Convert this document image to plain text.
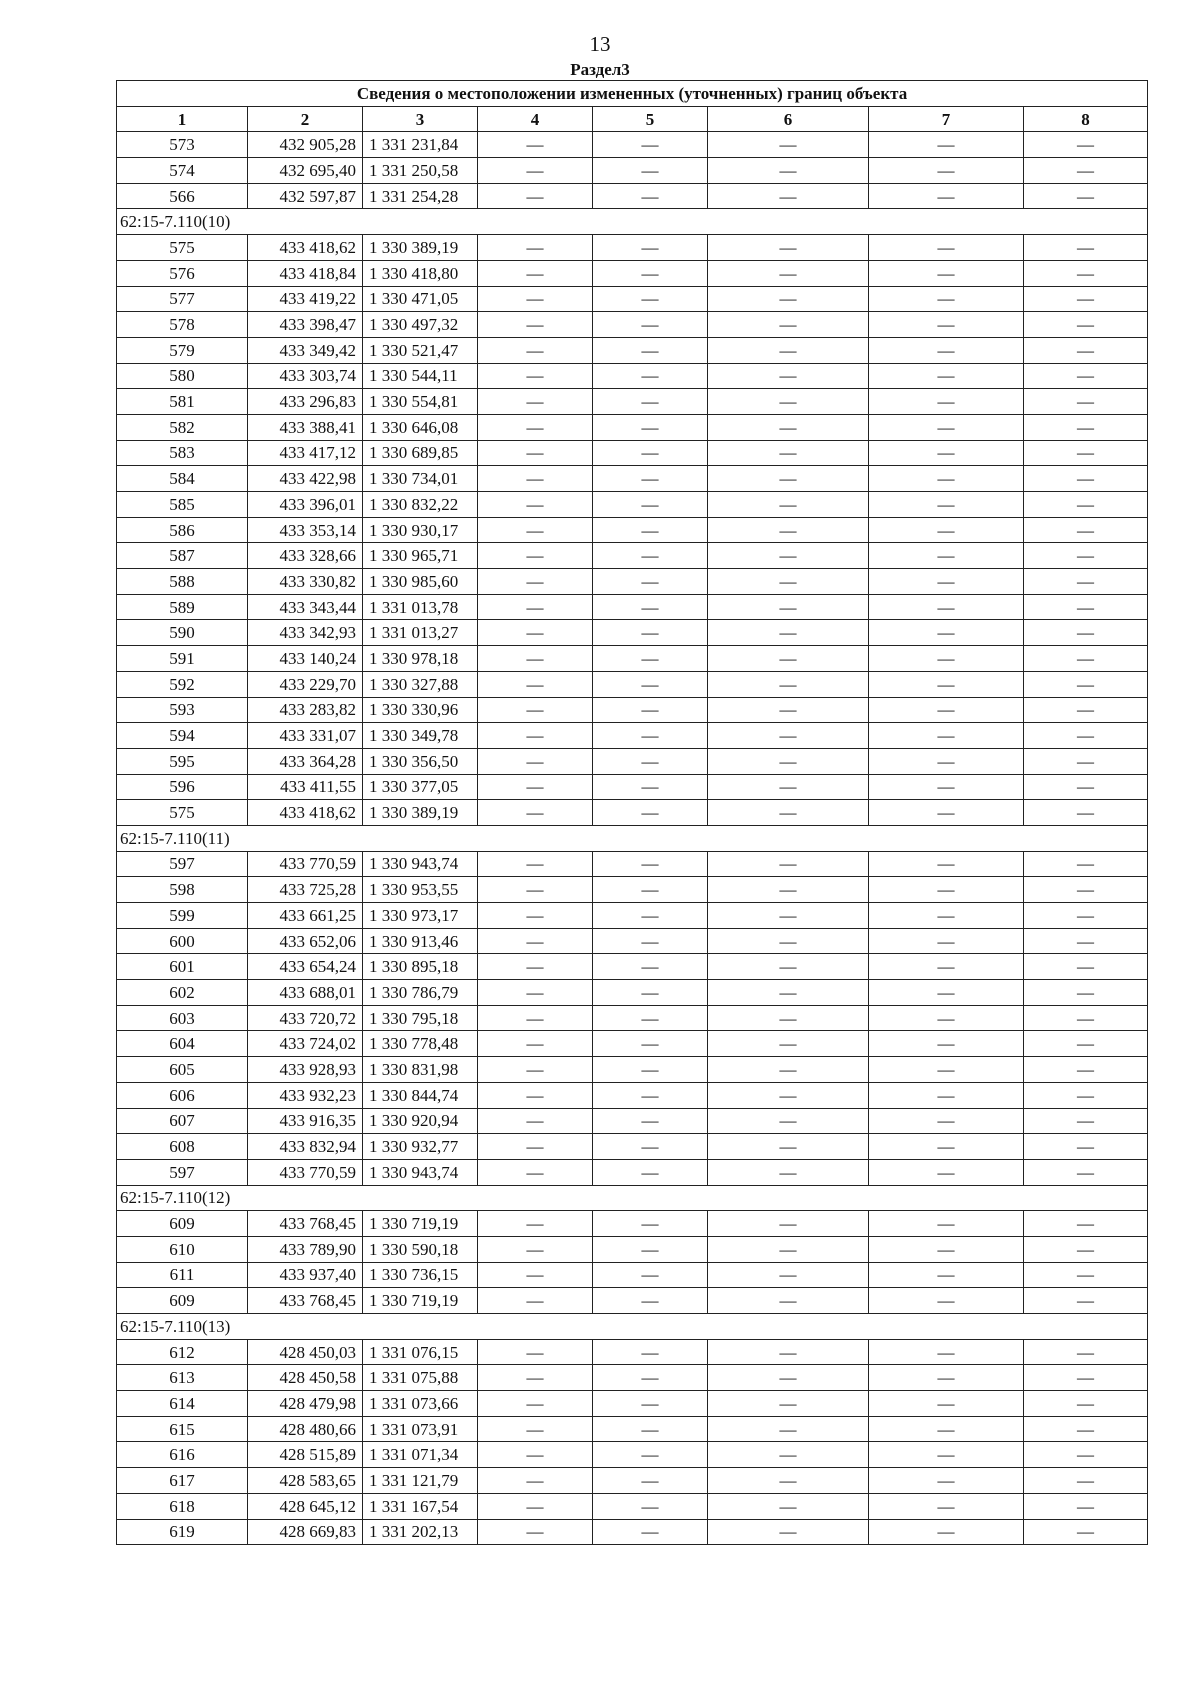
13
Раздел3
Сведения о местоположении измененных (уточненных) границ объекта							
1	2	3	4	5	6	7	8
573	432 905,28	1 331 231,84	—	—	—	—	—
574	432 695,40	1 331 250,58	—	—	—	—	—
566	432 597,87	1 331 254,28	—	—	—	—	—
62:15-7.110(10)							
575	433 418,62	1 330 389,19	—	—	—	—	—
576	433 418,84	1 330 418,80	—	—	—	—	—
577	433 419,22	1 330 471,05	—	—	—	—	—
578	433 398,47	1 330 497,32	—	—	—	—	—
579	433 349,42	1 330 521,47	—	—	—	—	—
580	433 303,74	1 330 544,11	—	—	—	—	—
581	433 296,83	1 330 554,81	—	—	—	—	—
582	433 388,41	1 330 646,08	—	—	—	—	—
583	433 417,12	1 330 689,85	—	—	—	—	—
584	433 422,98	1 330 734,01	—	—	—	—	—
585	433 396,01	1 330 832,22	—	—	—	—	—
586	433 353,14	1 330 930,17	—	—	—	—	—
587	433 328,66	1 330 965,71	—	—	—	—	—
588	433 330,82	1 330 985,60	—	—	—	—	—
589	433 343,44	1 331 013,78	—	—	—	—	—
590	433 342,93	1 331 013,27	—	—	—	—	—
591	433 140,24	1 330 978,18	—	—	—	—	—
592	433 229,70	1 330 327,88	—	—	—	—	—
593	433 283,82	1 330 330,96	—	—	—	—	—
594	433 331,07	1 330 349,78	—	—	—	—	—
595	433 364,28	1 330 356,50	—	—	—	—	—
596	433 411,55	1 330 377,05	—	—	—	—	—
575	433 418,62	1 330 389,19	—	—	—	—	—
62:15-7.110(11)							
597	433 770,59	1 330 943,74	—	—	—	—	—
598	433 725,28	1 330 953,55	—	—	—	—	—
599	433 661,25	1 330 973,17	—	—	—	—	—
600	433 652,06	1 330 913,46	—	—	—	—	—
601	433 654,24	1 330 895,18	—	—	—	—	—
602	433 688,01	1 330 786,79	—	—	—	—	—
603	433 720,72	1 330 795,18	—	—	—	—	—
604	433 724,02	1 330 778,48	—	—	—	—	—
605	433 928,93	1 330 831,98	—	—	—	—	—
606	433 932,23	1 330 844,74	—	—	—	—	—
607	433 916,35	1 330 920,94	—	—	—	—	—
608	433 832,94	1 330 932,77	—	—	—	—	—
597	433 770,59	1 330 943,74	—	—	—	—	—
62:15-7.110(12)							
609	433 768,45	1 330 719,19	—	—	—	—	—
610	433 789,90	1 330 590,18	—	—	—	—	—
611	433 937,40	1 330 736,15	—	—	—	—	—
609	433 768,45	1 330 719,19	—	—	—	—	—
62:15-7.110(13)							
612	428 450,03	1 331 076,15	—	—	—	—	—
613	428 450,58	1 331 075,88	—	—	—	—	—
614	428 479,98	1 331 073,66	—	—	—	—	—
615	428 480,66	1 331 073,91	—	—	—	—	—
616	428 515,89	1 331 071,34	—	—	—	—	—
617	428 583,65	1 331 121,79	—	—	—	—	—
618	428 645,12	1 331 167,54	—	—	—	—	—
619	428 669,83	1 331 202,13	—	—	—	—	—
